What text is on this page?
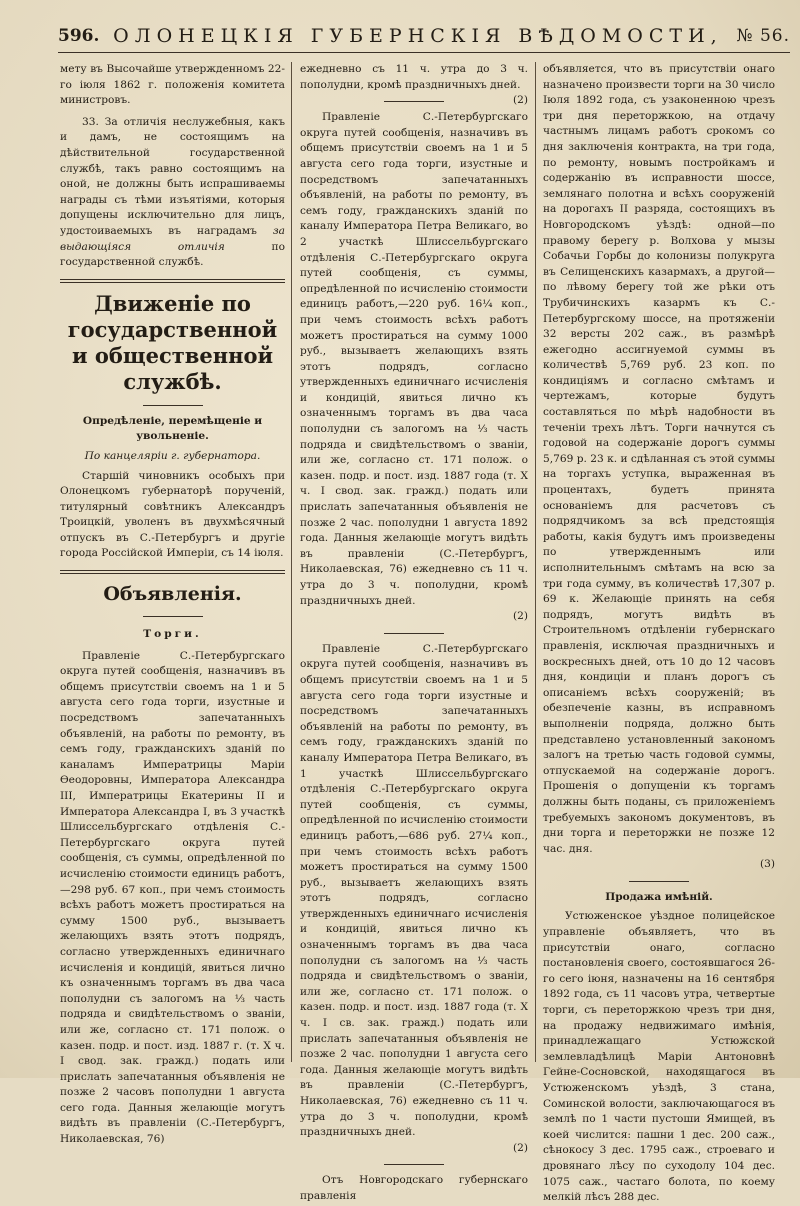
596. ОЛОНЕЦКІЯ ГУБЕРНСКІЯ ВѢДОМОСТИ, № 56.

мету въ Высочайше утвержденномъ 22-го іюля 1862 г. положенія комитета министровъ.

33. За отличія неслужебныя, какъ и дамъ, не состоящимъ на дѣйствительной государственной службѣ, такъ равно состоящимъ на оной, не должны быть испрашиваемы награды съ тѣми изъятіями, которыя допущены исключительно для лицъ, удостоиваемыхъ въ наградамъ за выдающіяся отличія	по государственной службѣ.

Движеніе по государственной и общественной службѣ.

Опредѣленіе, перемѣщеніе и увольненіе.

По канцеляріи г. губернатора.

Старшій чиновникъ особыхъ при Олонецкомъ губернаторѣ порученій, титулярный совѣтникъ Александръ Троицкій, уволенъ въ двухмѣсячный отпускъ въ С.-Петербургъ и другіе города Россійской Имперіи, съ 14 іюля.

Объявленія.

Торги.

Правленіе С.-Петербургскаго округа путей сообщенія, назначивъ въ общемъ присутствіи своемъ на 1 и 5 августа сего года торги, изустные и посредствомъ запечатанныхъ объявленій, на работы по ремонту, въ семъ году, гражданскихъ зданій по каналамъ Императрицы Маріи Ѳеодоровны, Императора Александра III, Императрицы Екатерины II и Императора Александра I, въ 3 участкѣ Шлиссельбургскаго отдѣленія С.-Петербургскаго округа путей сообщенія, съ суммы, опредѣленной по исчисленію стоимости единицъ работъ,—298 руб. 67 коп., при чемъ стоимость всѣхъ работъ можетъ простираться на сумму 1500 руб., вызываетъ желающихъ взять этотъ подрядъ, согласно утвержденныхъ единичнаго исчисленія и кондицій, явиться лично къ означеннымъ торгамъ въ два часа пополудни съ залогомъ на ⅓ часть подряда и свидѣтельствомъ о званіи, или же, согласно ст. 171 полож. о казен. подр. и пост. изд. 1887 г. (т. X ч. I свод. зак. гражд.) подать или прислать запечатанныя объявленія не позже 2 часовъ пополудни 1 августа сего года. Данныя желающіе могутъ видѣть въ правленіи (С.-Петербургъ, Николаевская, 76)

ежедневно съ 11 ч. утра до 3 ч. пополудни, кромѣ праздничныхъ дней.
(2)

Правленіе С.-Петербургскаго округа путей сообщенія, назначивъ въ общемъ присутствіи своемъ на 1 и 5 августа сего года торги, изустные и посредствомъ запечатанныхъ объявленій, на работы по ремонту, въ семъ году, гражданскихъ зданій по каналу Императора Петра Великаго, во 2 участкѣ Шлиссельбургскаго отдѣленія С.-Петербургскаго округа путей сообщенія, съ суммы, опредѣленной по исчисленію стоимости единицъ работъ,—220 руб. 16¼ коп., при чемъ стоимость всѣхъ работъ можетъ простираться на сумму 1000 руб., вызываетъ желающихъ взять этотъ подрядъ, согласно утвержденныхъ единичнаго исчисленія и кондицій, явиться лично къ означеннымъ торгамъ въ два часа пополудни съ залогомъ на ⅓ часть подряда и свидѣтельствомъ о званіи, или же, согласно ст. 171 полож. о казен. подр. и пост. изд. 1887 года (т. X ч. I свод. зак. гражд.) подать или прислать запечатанныя объявленія не позже 2 час. пополудни 1 августа 1892 года. Данныя желающіе могутъ видѣть въ правленіи (С.-Петербургъ, Николаевская, 76) ежедневно съ 11 ч. утра до 3 ч. пополудни, кромѣ праздничныхъ дней.

(2)

Правленіе С.-Петербургскаго округа путей сообщенія, назначивъ въ общемъ присутствіи своемъ на 1 и 5 августа сего года торги изустные и посредствомъ запечатанныхъ объявленій на работы по ремонту, въ семъ году, гражданскихъ зданій по каналу Императора Петра Великаго, въ 1 участкѣ Шлиссельбургскаго отдѣленія С.-Петербургскаго округа путей сообщенія, съ суммы, опредѣленной по исчисленію стоимости единицъ работъ,—686 руб. 27¼ коп., при чемъ стоимость всѣхъ работъ можетъ простираться на сумму 1500 руб., вызываетъ желающихъ взять этотъ подрядъ, согласно утвержденныхъ единичнаго исчисленія и кондицій, явиться лично къ означеннымъ торгамъ въ два часа пополудни съ залогомъ на ⅓ часть подряда и свидѣтельствомъ о званіи, или же, согласно ст. 171 полож. о казен. подр. и пост. изд. 1887 года (т. X ч. I св. зак. гражд.) подать или прислать запечатанныя объявленія не позже 2 час. пополудни 1 августа сего года. Данныя желающіе могутъ видѣть въ правленіи (С.-Петербургъ, Николаевская, 76) ежедневно съ 11 ч. утра до 3 ч. пополудни, кромѣ праздничныхъ дней.

(2)

Отъ Новгородскаго губернскаго правленія

объявляется, что въ присутствіи онаго назначено произвести торги на 30 число Іюля 1892 года, съ узаконенною чрезъ три дня переторжкою, на отдачу частнымъ лицамъ работъ срокомъ со дня заключенія контракта, на три года, по ремонту, новымъ постройкамъ и содержанію въ исправности шоссе, землянаго полотна и всѣхъ сооруженій на дорогахъ II разряда, состоящихъ въ Новгородскомъ уѣздѣ: одной—по правому берегу р. Волхова у мызы Собачьи Горбы до колонизы полукруга въ Селищенскихъ казармахъ, а другой—по лѣвому берегу той же рѣки отъ Трубичинскихъ казармъ къ С.-Петербургскому шоссе, на протяженіи 32 версты 202 саж., въ размѣрѣ ежегодно ассигнуемой суммы въ количествѣ 5,769 руб. 23 коп. по кондиціямъ и согласно смѣтамъ и чертежамъ, которые будутъ составляться по мѣрѣ надобности въ теченіи трехъ лѣтъ. Торги начнутся съ годовой на содержаніе дорогъ суммы 5,769 р. 23 к. и сдѣланная съ этой суммы на торгахъ уступка, выраженная въ процентахъ, будетъ принята основаніемъ для расчетовъ съ подрядчикомъ за всѣ предстоящія работы, какія будутъ имъ произведены по утвержденнымъ или исполнительнымъ смѣтамъ на всю за три года сумму, въ количествѣ 17,307 р. 69 к. Желающіе принять на себя подрядъ, могутъ видѣть въ Строительномъ отдѣленіи губернскаго правленія, исключая праздничныхъ и воскресныхъ дней, отъ 10 до 12 часовъ дня, кондиціи и планъ дорогъ съ описаніемъ всѣхъ сооруженій; въ обезпеченіе казны, въ исправномъ выполненіи подряда, должно быть представлено установленный закономъ залогъ на третью часть годовой суммы, отпускаемой на содержаніе дорогъ. Прошенія о допущеніи къ торгамъ должны быть поданы, съ приложеніемъ требуемыхъ закономъ документовъ, въ дни торга и переторжки не позже 12 час. дня.

(3)

Продажа имѣній.

Устюженское уѣздное полицейское управленіе объявляетъ, что въ присутствіи онаго, согласно постановленія своего, состоявшагося 26-го сего іюня, назначены на 16 сентября 1892 года, съ 11 часовъ утра, четвертые торги, съ переторжкою чрезъ три дня, на продажу недвижимаго имѣнія, принадлежащаго Устюжской землевладѣлицѣ Маріи Антоновнѣ Гейне-Сосновской, находящагося въ Устюженскомъ уѣздѣ, 3 стана, Соминской волости, заключающагося въ землѣ по 1 части пустоши Ямищей, въ коей числится: пашни 1 дес. 200 саж., сѣнокосу 3 дес. 1795 саж., строеваго и дровянаго лѣсу по суходолу 104 дес. 1075 саж., частаго болота, по коему мелкій лѣсъ 288 дес.
